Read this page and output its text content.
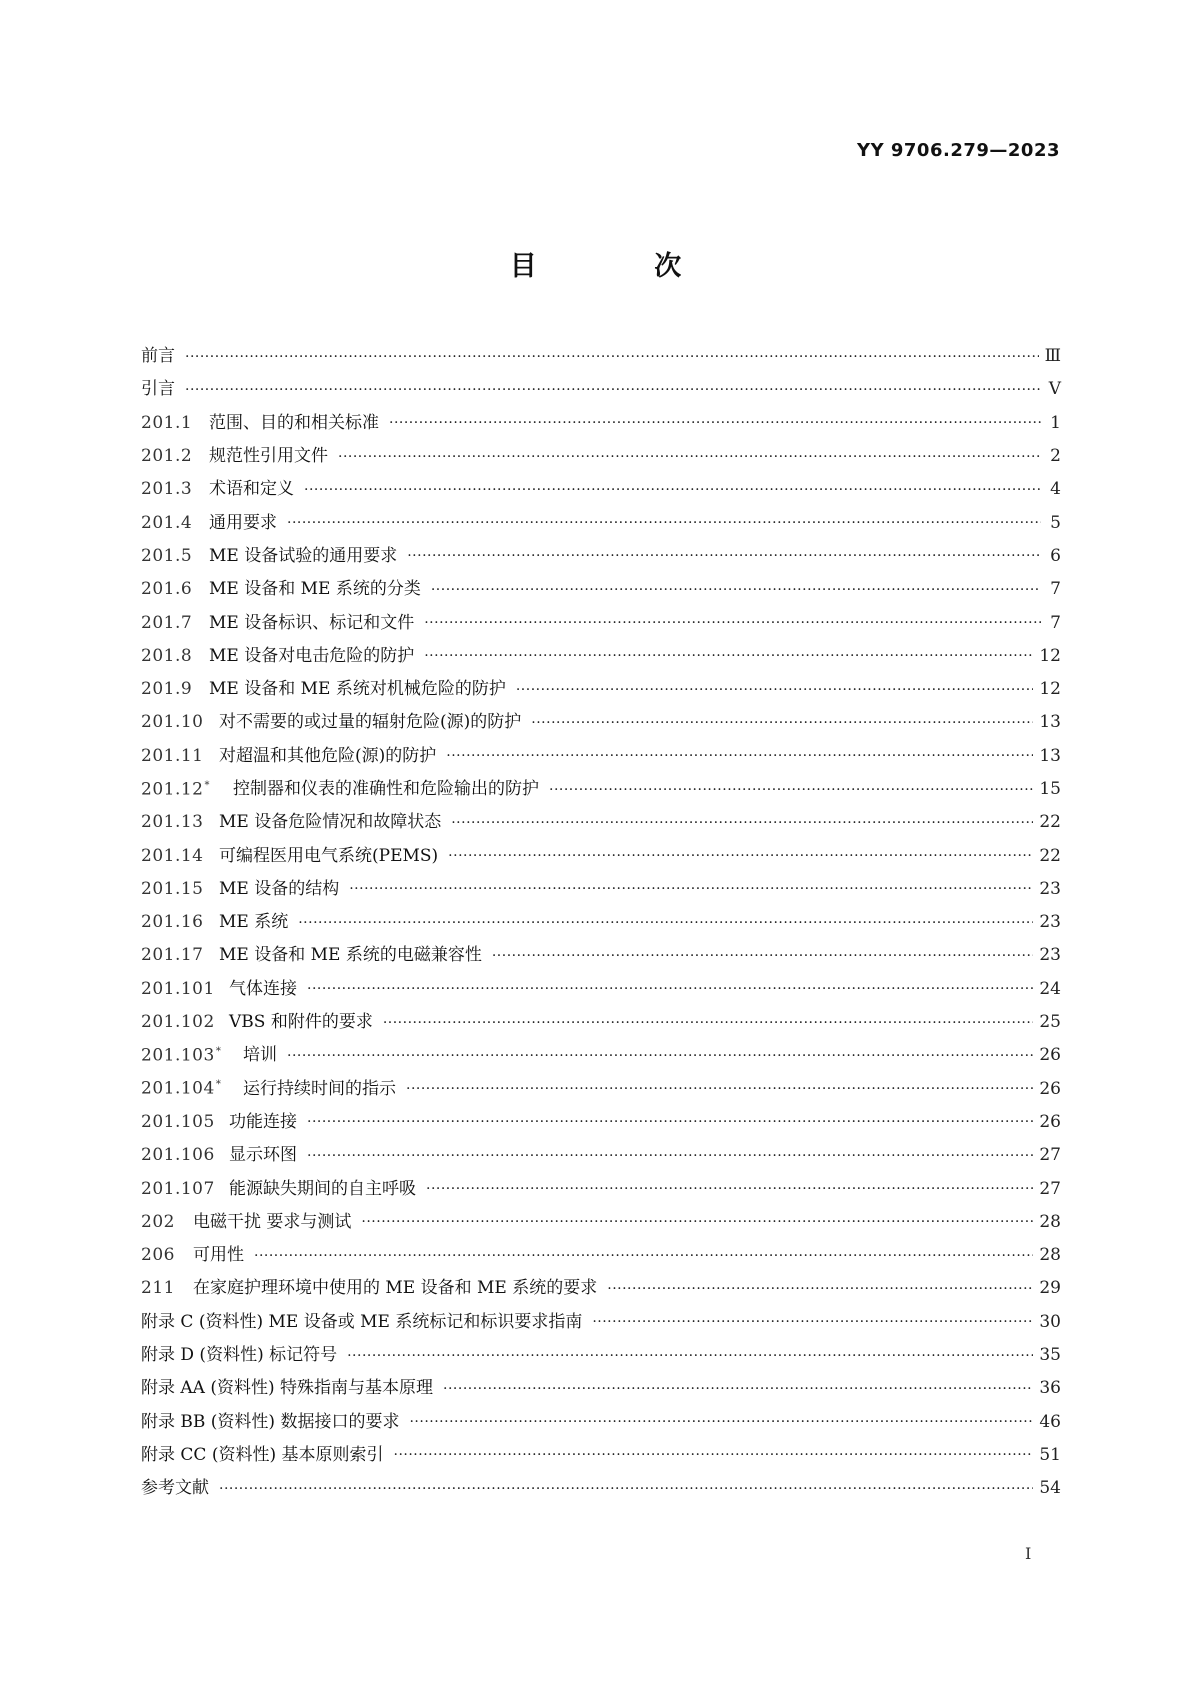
YY 9706.279—2023
目 次
前言 ·····	Ⅲ
引言 ·····	Ⅴ
201.1 范围、目的和相关标准 ·····	1
201.2 规范性引用文件 ·····	2
201.3 术语和定义 ·····	4
201.4 通用要求 ·····	5
201.5 ME 设备试验的通用要求 ·····	6
201.6 ME 设备和 ME 系统的分类 ·····	7
201.7 ME 设备标识、标记和文件 ·····	7
201.8 ME 设备对电击危险的防护 ·····	12
201.9 ME 设备和 ME 系统对机械危险的防护 ·····	12
201.10 对不需要的或过量的辐射危险(源)的防护 ·····	13
201.11 对超温和其他危险(源)的防护 ·····	13
201.12*	控制器和仪表的准确性和危险输出的防护 ·····	15
201.13 ME 设备危险情况和故障状态 ·····	22
201.14 可编程医用电气系统(PEMS) ·····	22
201.15 ME 设备的结构 ·····	23
201.16 ME 系统 ·····	23
201.17 ME 设备和 ME 系统的电磁兼容性 ·····	23
201.101 气体连接 ·····	24
201.102 VBS 和附件的要求 ·····	25
201.103*	培训 ·····	26
201.104*	运行持续时间的指示 ·····	26
201.105 功能连接 ·····	26
201.106 显示环图 ·····	27
201.107 能源缺失期间的自主呼吸 ·····	27
202	电磁干扰 要求与测试 ·····	28
206	可用性 ·····	28
211	在家庭护理环境中使用的 ME 设备和 ME 系统的要求 ·····	29
附录 C (资料性) ME 设备或 ME 系统标记和标识要求指南 ·····	30
附录 D (资料性) 标记符号 ·····	35
附录 AA (资料性) 特殊指南与基本原理 ·····	36
附录 BB (资料性) 数据接口的要求 ·····	46
附录 CC (资料性) 基本原则索引 ·····	51
参考文献 ·····	54
Ⅰ
